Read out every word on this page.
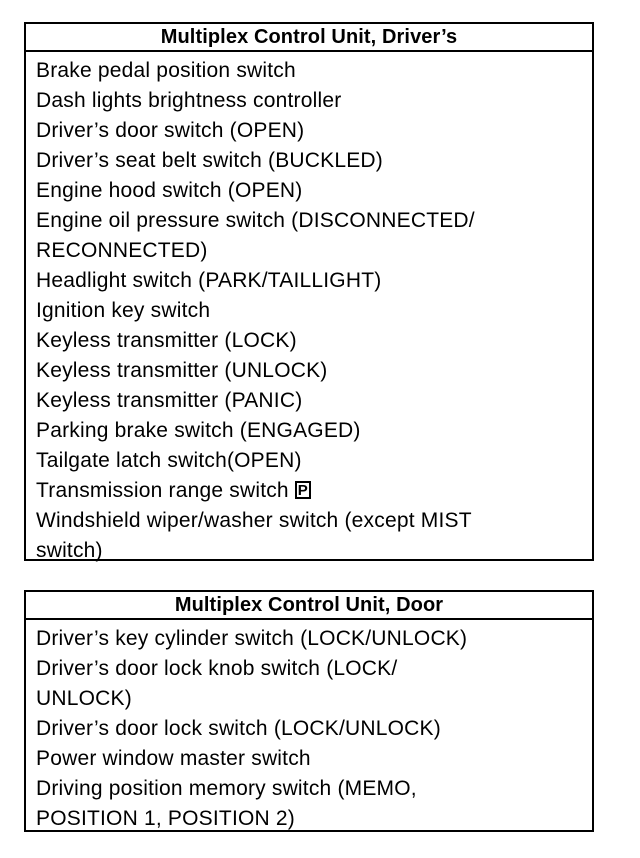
Multiplex Control Unit, Driver’s
Brake pedal position switch
Dash lights brightness controller
Driver’s door switch (OPEN)
Driver’s seat belt switch (BUCKLED)
Engine hood switch (OPEN)
Engine oil pressure switch (DISCONNECTED/
RECONNECTED)
Headlight switch (PARK/TAILLIGHT)
Ignition key switch
Keyless transmitter (LOCK)
Keyless transmitter (UNLOCK)
Keyless transmitter (PANIC)
Parking brake switch (ENGAGED)
Tailgate latch switch(OPEN)
Transmission range switch P
Windshield wiper/washer switch (except MIST
switch)
Multiplex Control Unit, Door
Driver’s key cylinder switch (LOCK/UNLOCK)
Driver’s door lock knob switch (LOCK/
UNLOCK)
Driver’s door lock switch (LOCK/UNLOCK)
Power window master switch
Driving position memory switch (MEMO,
POSITION 1, POSITION 2)
